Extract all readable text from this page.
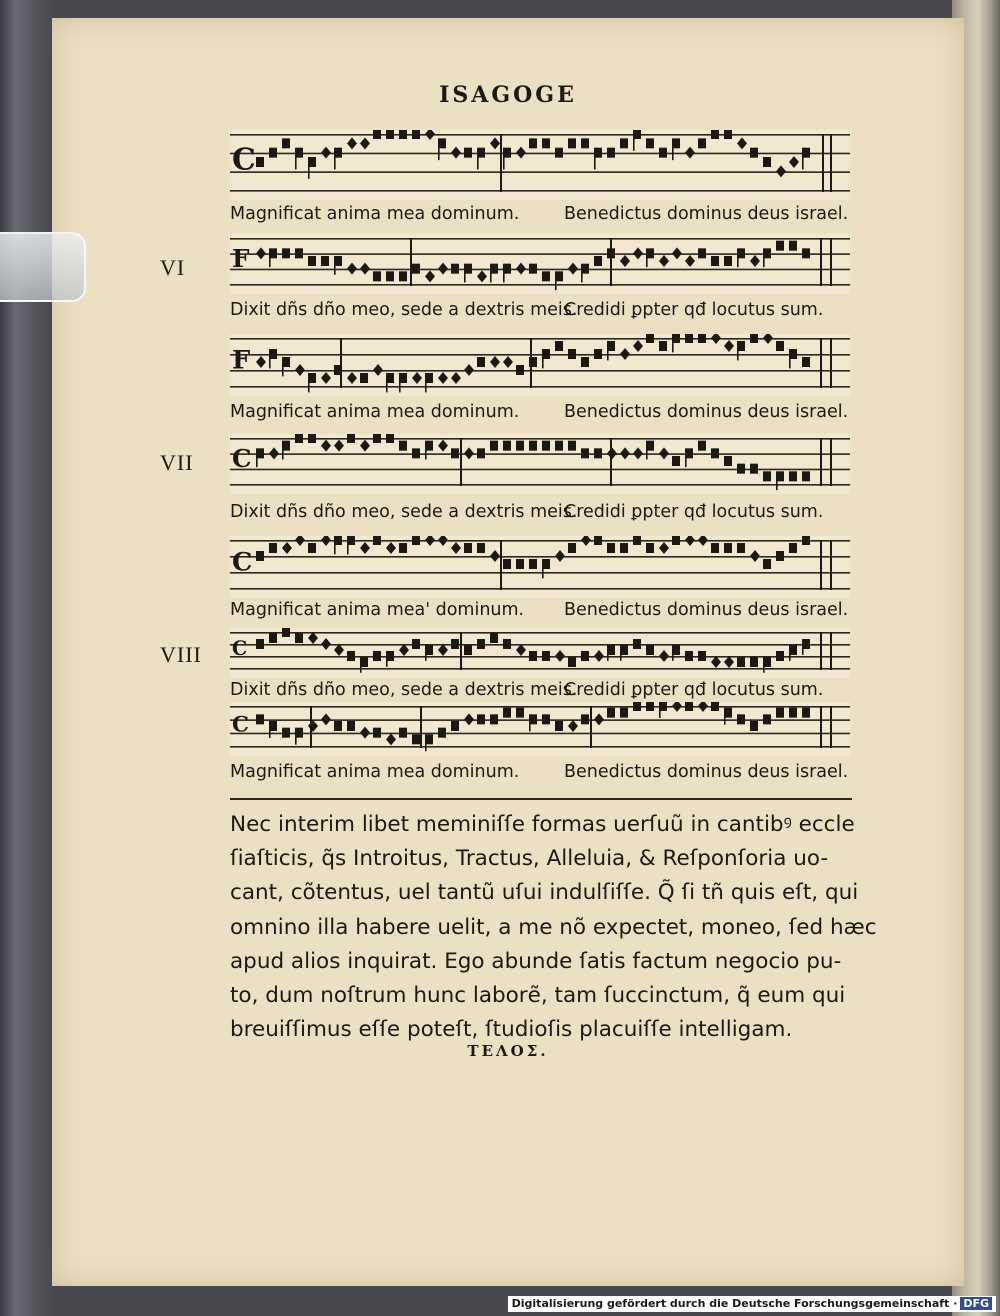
ISAGOGE
VI
VII
VIII
C
F
F
C
C
C
C
Magnificat anima mea dominum.	Benedictus dominus deus israel.
Dixit dñs dño meo, sede a dextris meis.
Credidi ꝑpter qđ locutus sum.
Magnificat anima mea dominum.	Benedictus dominus deus israel.
Dixit dñs dño meo, sede a dextris meis.
Credidi ꝑpter qđ locutus sum.
Magnificat anima mea' dominum. Benedictus dominus deus israel.
Dixit dñs dño meo, sede a dextris meis.
Credidi ꝑpter qđ locutus sum.
Magnificat anima mea dominum.	Benedictus dominus deus israel.
Nec interim libet meminiſſe formas uerſuũ in cantibꝰ eccle
ſiaſticis, q̃s Introitus, Tractus, Alleluia, & Reſponſoria uo-
cant, cõtentus, uel tantũ uſui indulſiſſe. Q̃ ſi tñ quis eſt, qui
omnino illa habere uelit, a me nõ expectet, moneo, ſed hæc
apud alios inquirat. Ego abunde ſatis factum negocio pu-
to, dum noſtrum hunc laborẽ, tam ſuccinctum, q̃ eum qui
breuiſſimus eſſe poteſt, ſtudioſis placuiſſe intelligam.
ΤΕΛΟΣ.
Digitalisierung gefördert durch die Deutsche Forschungsgemeinschaft · DFG
